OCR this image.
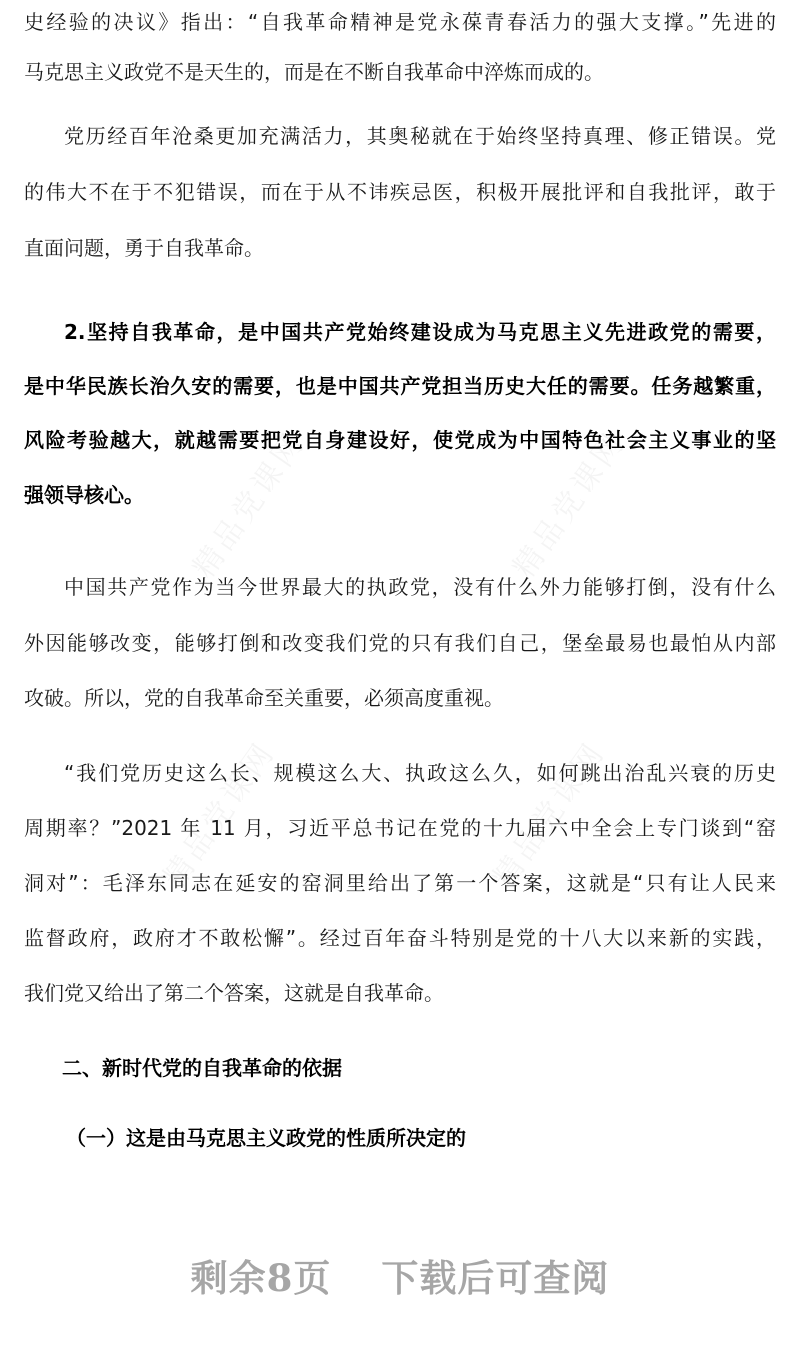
史经验的决议》指出：“自我革命精神是党永葆青春活力的强大支撑。”先进的
马克思主义政党不是天生的，而是在不断自我革命中淬炼而成的。
党历经百年沧桑更加充满活力，其奥秘就在于始终坚持真理、修正错误。党
的伟大不在于不犯错误，而在于从不讳疾忌医，积极开展批评和自我批评，敢于
直面问题，勇于自我革命。
2.坚持自我革命，是中国共产党始终建设成为马克思主义先进政党的需要，
是中华民族长治久安的需要，也是中国共产党担当历史大任的需要。任务越繁重，
风险考验越大，就越需要把党自身建设好，使党成为中国特色社会主义事业的坚
强领导核心。
中国共产党作为当今世界最大的执政党，没有什么外力能够打倒，没有什么
外因能够改变，能够打倒和改变我们党的只有我们自己，堡垒最易也最怕从内部
攻破。所以，党的自我革命至关重要，必须高度重视。
“我们党历史这么长、规模这么大、执政这么久，如何跳出治乱兴衰的历史
周期率？”2021 年 11 月，习近平总书记在党的十九届六中全会上专门谈到“窑
洞对”：毛泽东同志在延安的窑洞里给出了第一个答案，这就是“只有让人民来
监督政府，政府才不敢松懈”。经过百年奋斗特别是党的十八大以来新的实践，
我们党又给出了第二个答案，这就是自我革命。
二、新时代党的自我革命的依据
（一）这是由马克思主义政党的性质所决定的
剩余8页 下载后可查阅
